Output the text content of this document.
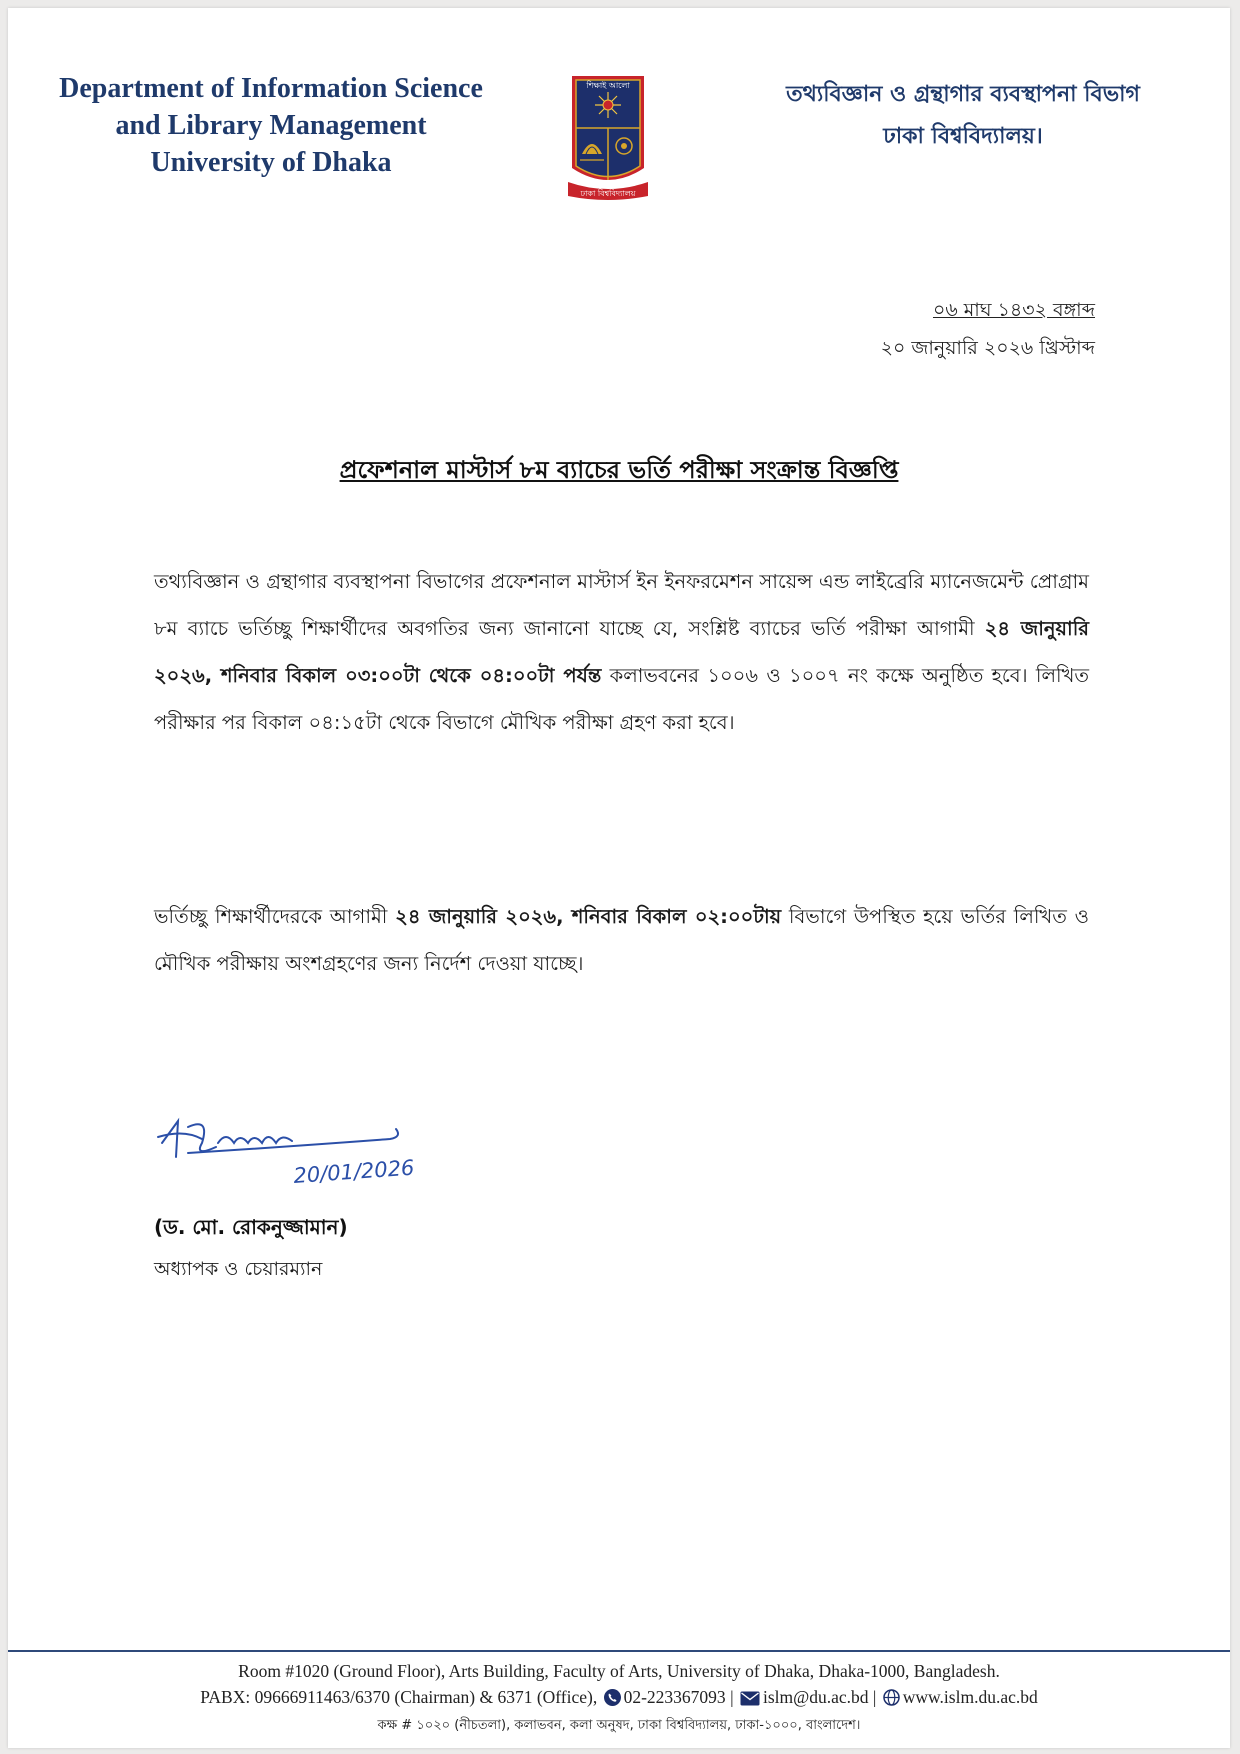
Department of Information Science
and Library Management
University of Dhaka
শিক্ষাই আলো
ঢাকা বিশ্ববিদ্যালয়
তথ্যবিজ্ঞান ও গ্রন্থাগার ব্যবস্থাপনা বিভাগ
ঢাকা বিশ্ববিদ্যালয়।
০৬ মাঘ ১৪৩২ বঙ্গাব্দ
২০ জানুয়ারি ২০২৬ খ্রিস্টাব্দ
প্রফেশনাল মাস্টার্স ৮ম ব্যাচের ভর্তি পরীক্ষা সংক্রান্ত বিজ্ঞপ্তি
তথ্যবিজ্ঞান ও গ্রন্থাগার ব্যবস্থাপনা বিভাগের প্রফেশনাল মাস্টার্স ইন ইনফরমেশন সায়েন্স এন্ড লাইব্রেরি ম্যানেজমেন্ট প্রোগ্রাম ৮ম ব্যাচে ভর্তিচ্ছু শিক্ষার্থীদের অবগতির জন্য জানানো যাচ্ছে যে, সংশ্লিষ্ট ব্যাচের ভর্তি পরীক্ষা আগামী ২৪ জানুয়ারি ২০২৬, শনিবার বিকাল ০৩:০০টা থেকে ০৪:০০টা পর্যন্ত কলাভবনের ১০০৬ ও ১০০৭ নং কক্ষে অনুষ্ঠিত হবে। লিখিত পরীক্ষার পর বিকাল ০৪:১৫টা থেকে বিভাগে মৌখিক পরীক্ষা গ্রহণ করা হবে।
ভর্তিচ্ছু শিক্ষার্থীদেরকে আগামী ২৪ জানুয়ারি ২০২৬, শনিবার বিকাল ০২:০০টায় বিভাগে উপস্থিত হয়ে ভর্তির লিখিত ও মৌখিক পরীক্ষায় অংশগ্রহণের জন্য নির্দেশ দেওয়া যাচ্ছে।
20/01/2026
RZaman
(ড. মো. রোকনুজ্জামান)
অধ্যাপক ও চেয়ারম্যান
Room #1020 (Ground Floor), Arts Building, Faculty of Arts, University of Dhaka, Dhaka-1000, Bangladesh.
PABX: 09666911463/6370 (Chairman) & 6371 (Office), 02-223367093 | islm@du.ac.bd | www.islm.du.ac.bd
কক্ষ # ১০২০ (নীচতলা), কলাভবন, কলা অনুষদ, ঢাকা বিশ্ববিদ্যালয়, ঢাকা-১০০০, বাংলাদেশ।
